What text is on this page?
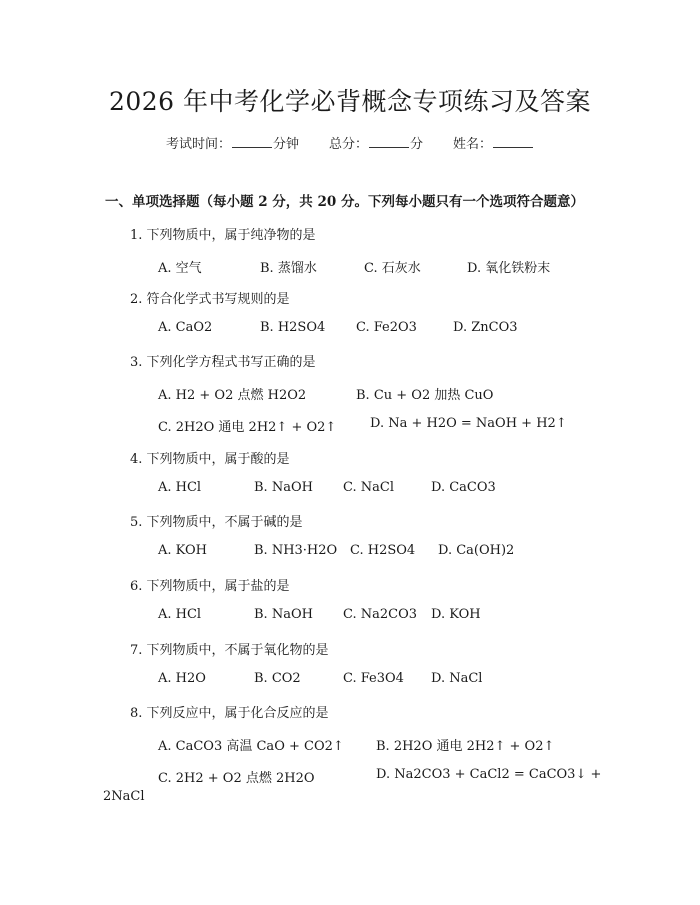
2026 年中考化学必背概念专项练习及答案
考试时间：	分钟 总分：	分 姓名：
一、单项选择题（每小题 2 分，共 20 分。下列每小题只有一个选项符合题意）
1. 下列物质中，属于纯净物的是
A. 空气	B. 蒸馏水	C. 石灰水	D. 氧化铁粉末
2. 符合化学式书写规则的是
A. CaO2	B. H2SO4 C. Fe2O3	D. ZnCO3
3. 下列化学方程式书写正确的是
A. H2 + O2 点燃 H2O2	B. Cu + O2 加热 CuO
C. 2H2O 通电 2H2↑ + O2↑	D. Na + H2O = NaOH + H2↑
4. 下列物质中，属于酸的是
A. HCl	B. NaOH C. NaCl	D. CaCO3
5. 下列物质中，不属于碱的是
A. KOH	B. NH3·H2O C. H2SO4 D. Ca(OH)2
6. 下列物质中，属于盐的是
A. HCl	B. NaOH C. Na2CO3 D. KOH
7. 下列物质中，不属于氧化物的是
A. H2O	B. CO2	C. Fe3O4 D. NaCl
8. 下列反应中，属于化合反应的是
A. CaCO3 高温 CaO + CO2↑ B. 2H2O 通电 2H2↑ + O2↑
C. 2H2 + O2 点燃 2H2O	D. Na2CO3 + CaCl2 = CaCO3↓ +
2NaCl
